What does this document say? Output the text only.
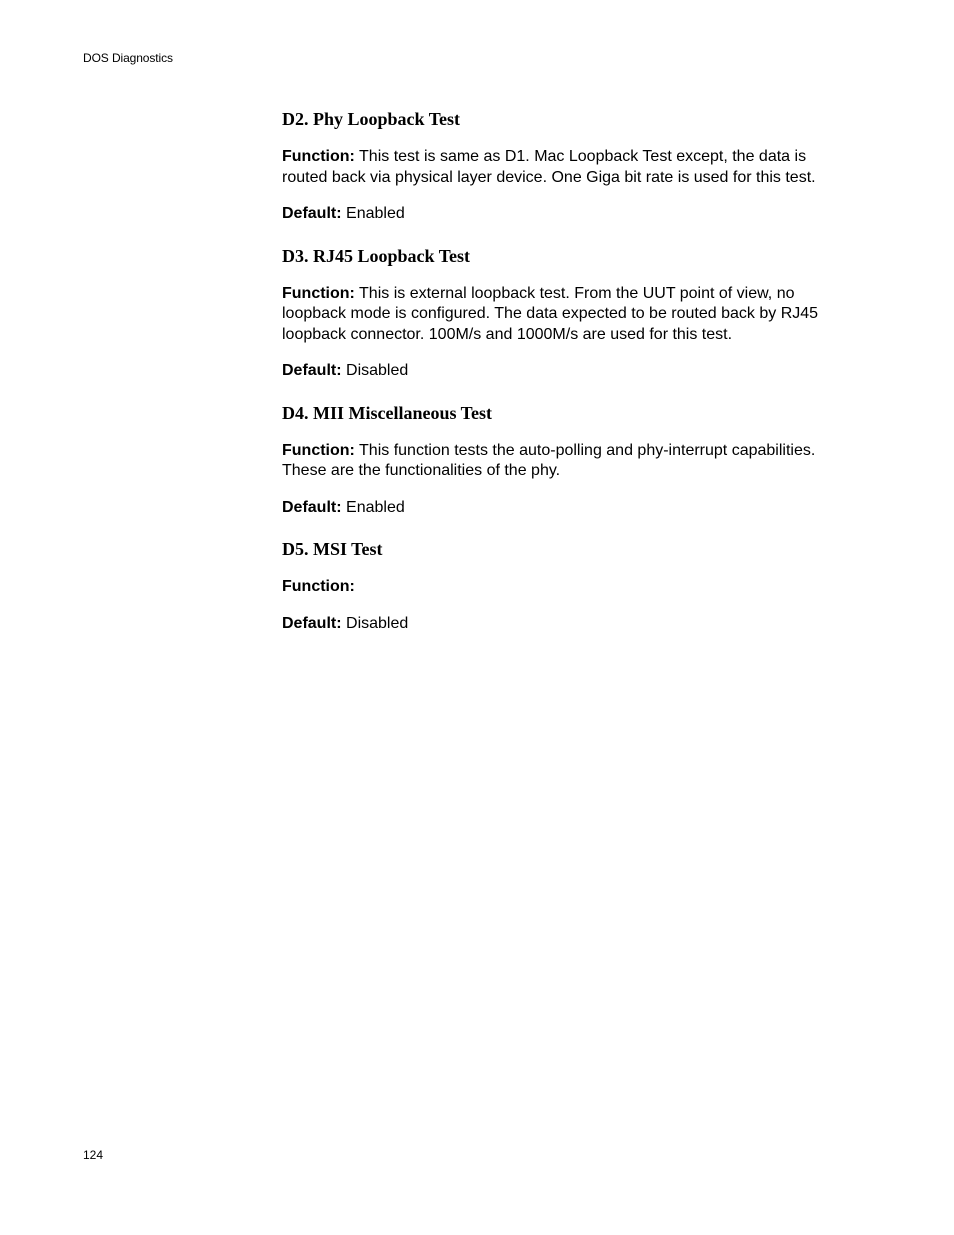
DOS Diagnostics
D2. Phy Loopback Test

Function: This test is same as D1. Mac Loopback Test except, the data is routed back via physical layer device. One Giga bit rate is used for this test.

Default: Enabled

D3. RJ45 Loopback Test

Function: This is external loopback test. From the UUT point of view, no loopback mode is configured. The data expected to be routed back by RJ45 loopback connector. 100M/s and 1000M/s are used for this test.

Default: Disabled

D4. MII Miscellaneous Test

Function: This function tests the auto-polling and phy-interrupt capabilities. These are the functionalities of the phy.

Default: Enabled

D5. MSI Test

Function:

Default: Disabled

124
